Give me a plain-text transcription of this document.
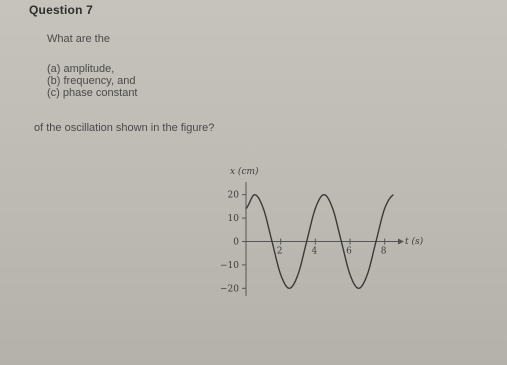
Question 7
What are the
(a) amplitude,
(b) frequency, and
(c) phase constant
of the oscillation shown in the figure?
x (cm)
t (s)
20
10
0
−10
−20
2	4	6	8
